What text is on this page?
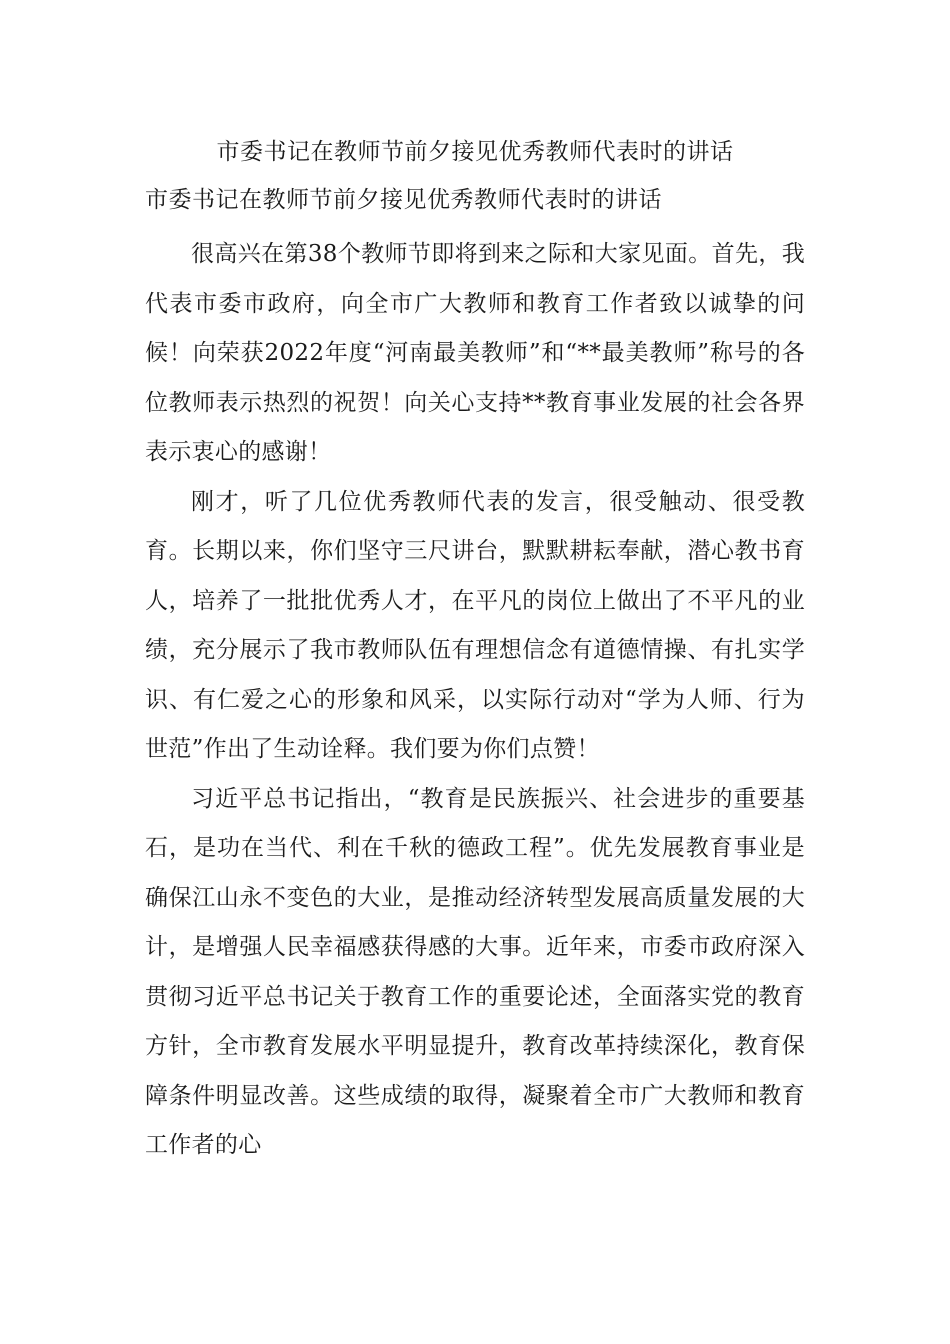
市委书记在教师节前夕接见优秀教师代表时的讲话
市委书记在教师节前夕接见优秀教师代表时的讲话

很高兴在第38个教师节即将到来之际和大家见面。首先，我代表市委市政府，向全市广大教师和教育工作者致以诚挚的问候！向荣获2022年度“河南最美教师”和“**最美教师”称号的各位教师表示热烈的祝贺！向关心支持**教育事业发展的社会各界表示衷心的感谢！

刚才，听了几位优秀教师代表的发言，很受触动、很受教育。长期以来，你们坚守三尺讲台，默默耕耘奉献，潜心教书育人，培养了一批批优秀人才，在平凡的岗位上做出了不平凡的业绩，充分展示了我市教师队伍有理想信念有道德情操、有扎实学识、有仁爱之心的形象和风采，以实际行动对“学为人师、行为世范”作出了生动诠释。我们要为你们点赞！

习近平总书记指出，“教育是民族振兴、社会进步的重要基石，是功在当代、利在千秋的德政工程”。优先发展教育事业是确保江山永不变色的大业，是推动经济转型发展高质量发展的大计，是增强人民幸福感获得感的大事。近年来，市委市政府深入贯彻习近平总书记关于教育工作的重要论述，全面落实党的教育方针，全市教育发展水平明显提升，教育改革持续深化，教育保障条件明显改善。这些成绩的取得，凝聚着全市广大教师和教育工作者的心
